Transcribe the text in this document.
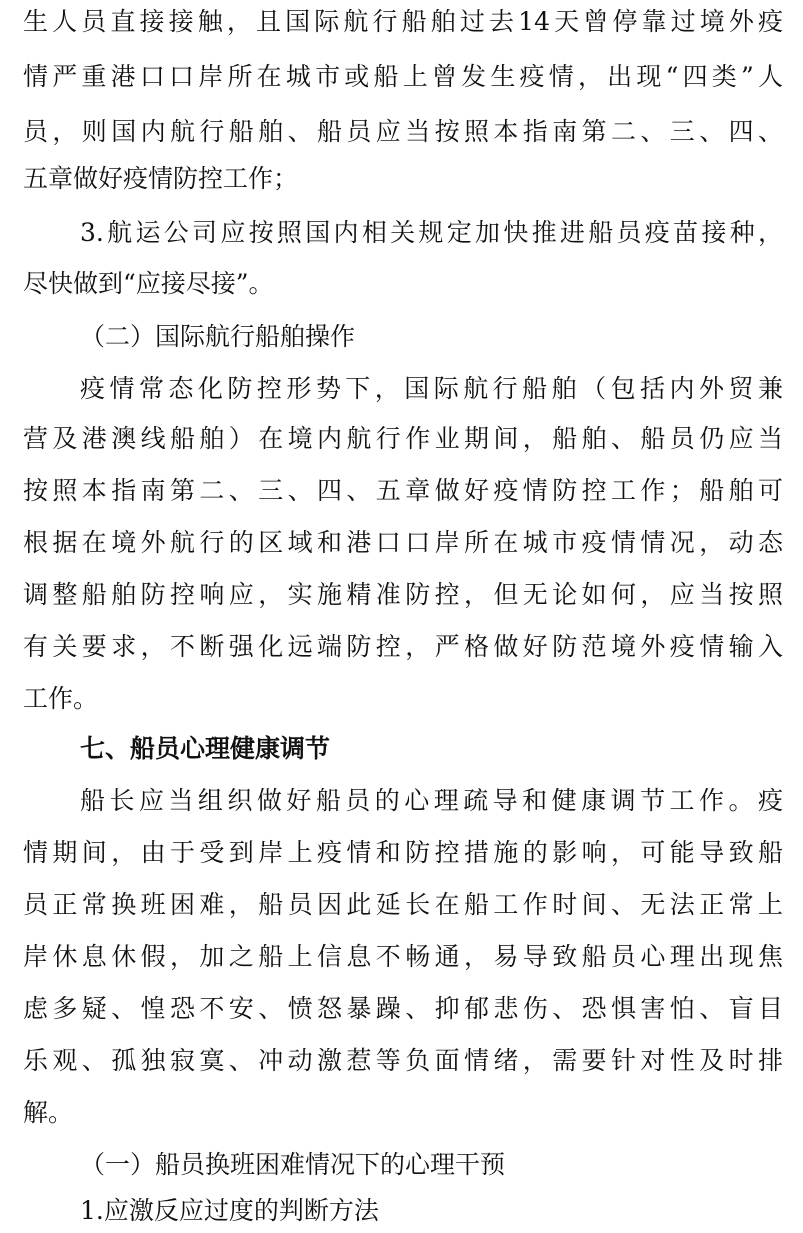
生人员直接接触，且国际航行船舶过去14天曾停靠过境外疫
情严重港口口岸所在城市或船上曾发生疫情，出现“四类”人
员，则国内航行船舶、船员应当按照本指南第二、三、四、
五章做好疫情防控工作；
3.航运公司应按照国内相关规定加快推进船员疫苗接种，
尽快做到“应接尽接”。
（二）国际航行船舶操作
疫情常态化防控形势下，国际航行船舶（包括内外贸兼
营及港澳线船舶）在境内航行作业期间，船舶、船员仍应当
按照本指南第二、三、四、五章做好疫情防控工作；船舶可
根据在境外航行的区域和港口口岸所在城市疫情情况，动态
调整船舶防控响应，实施精准防控，但无论如何，应当按照
有关要求，不断强化远端防控，严格做好防范境外疫情输入
工作。
七、船员心理健康调节
船长应当组织做好船员的心理疏导和健康调节工作。疫
情期间，由于受到岸上疫情和防控措施的影响，可能导致船
员正常换班困难，船员因此延长在船工作时间、无法正常上
岸休息休假，加之船上信息不畅通，易导致船员心理出现焦
虑多疑、惶恐不安、愤怒暴躁、抑郁悲伤、恐惧害怕、盲目
乐观、孤独寂寞、冲动激惹等负面情绪，需要针对性及时排
解。
（一）船员换班困难情况下的心理干预
1.应激反应过度的判断方法
